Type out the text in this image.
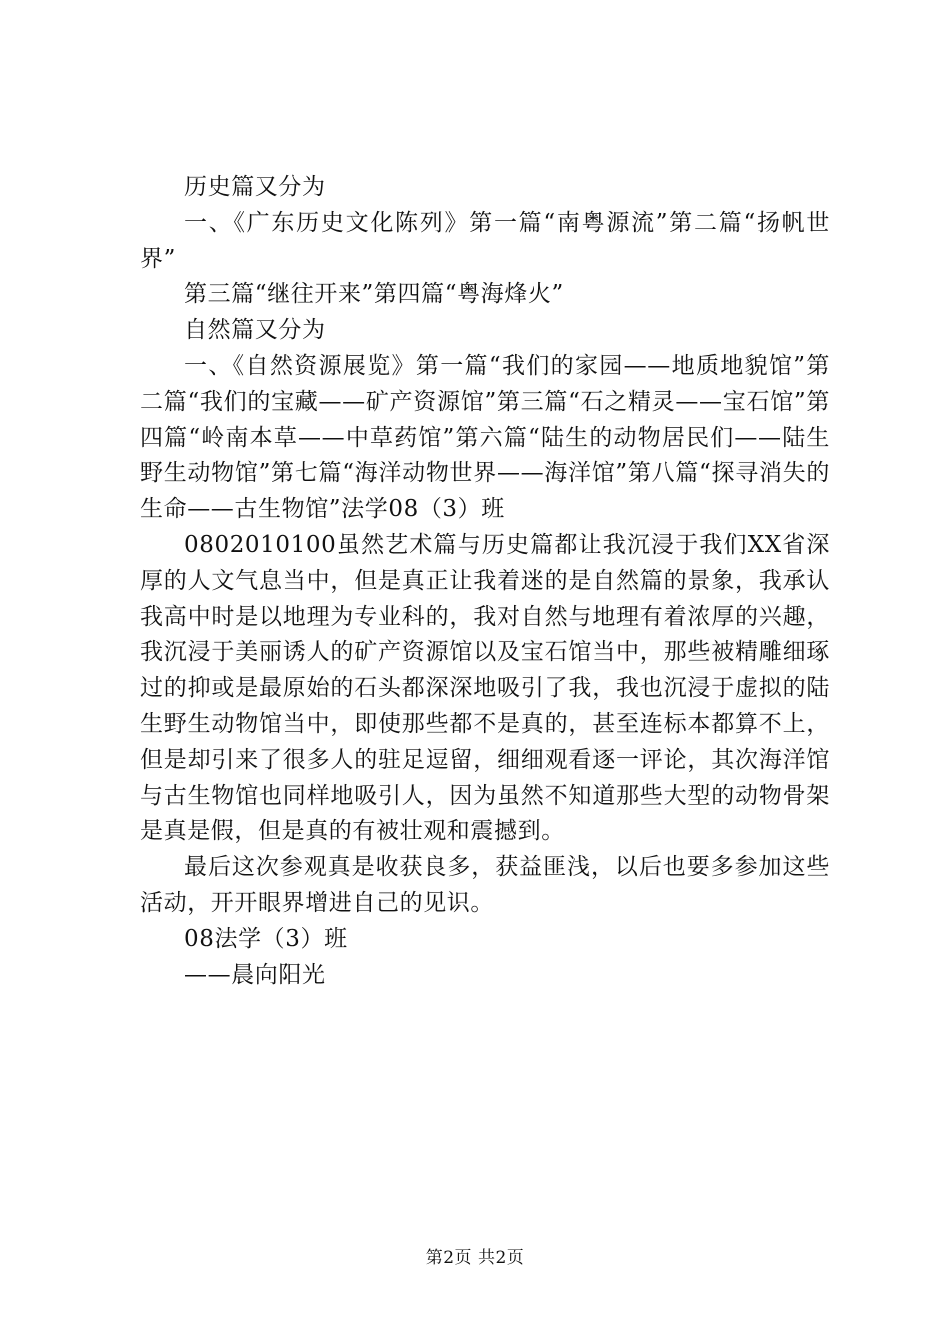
历史篇又分为

一、《广东历史文化陈列》第一篇“南粤源流”第二篇“扬帆世界”

第三篇“继往开来”第四篇“粤海烽火”

自然篇又分为

一、《自然资源展览》第一篇“我们的家园——地质地貌馆”第二篇“我们的宝藏——矿产资源馆”第三篇“石之精灵——宝石馆”第四篇“岭南本草——中草药馆”第六篇“陆生的动物居民们——陆生野生动物馆”第七篇“海洋动物世界——海洋馆”第八篇“探寻消失的生命——古生物馆”法学08（3）班

0802010100虽然艺术篇与历史篇都让我沉浸于我们XX省深厚的人文气息当中，但是真正让我着迷的是自然篇的景象，我承认我高中时是以地理为专业科的，我对自然与地理有着浓厚的兴趣，我沉浸于美丽诱人的矿产资源馆以及宝石馆当中，那些被精雕细琢过的抑或是最原始的石头都深深地吸引了我，我也沉浸于虚拟的陆生野生动物馆当中，即使那些都不是真的，甚至连标本都算不上，但是却引来了很多人的驻足逗留，细细观看逐一评论，其次海洋馆与古生物馆也同样地吸引人，因为虽然不知道那些大型的动物骨架是真是假，但是真的有被壮观和震撼到。

最后这次参观真是收获良多，获益匪浅，以后也要多参加这些活动，开开眼界增进自己的见识。

08法学（3）班

——晨向阳光

第2页 共2页
